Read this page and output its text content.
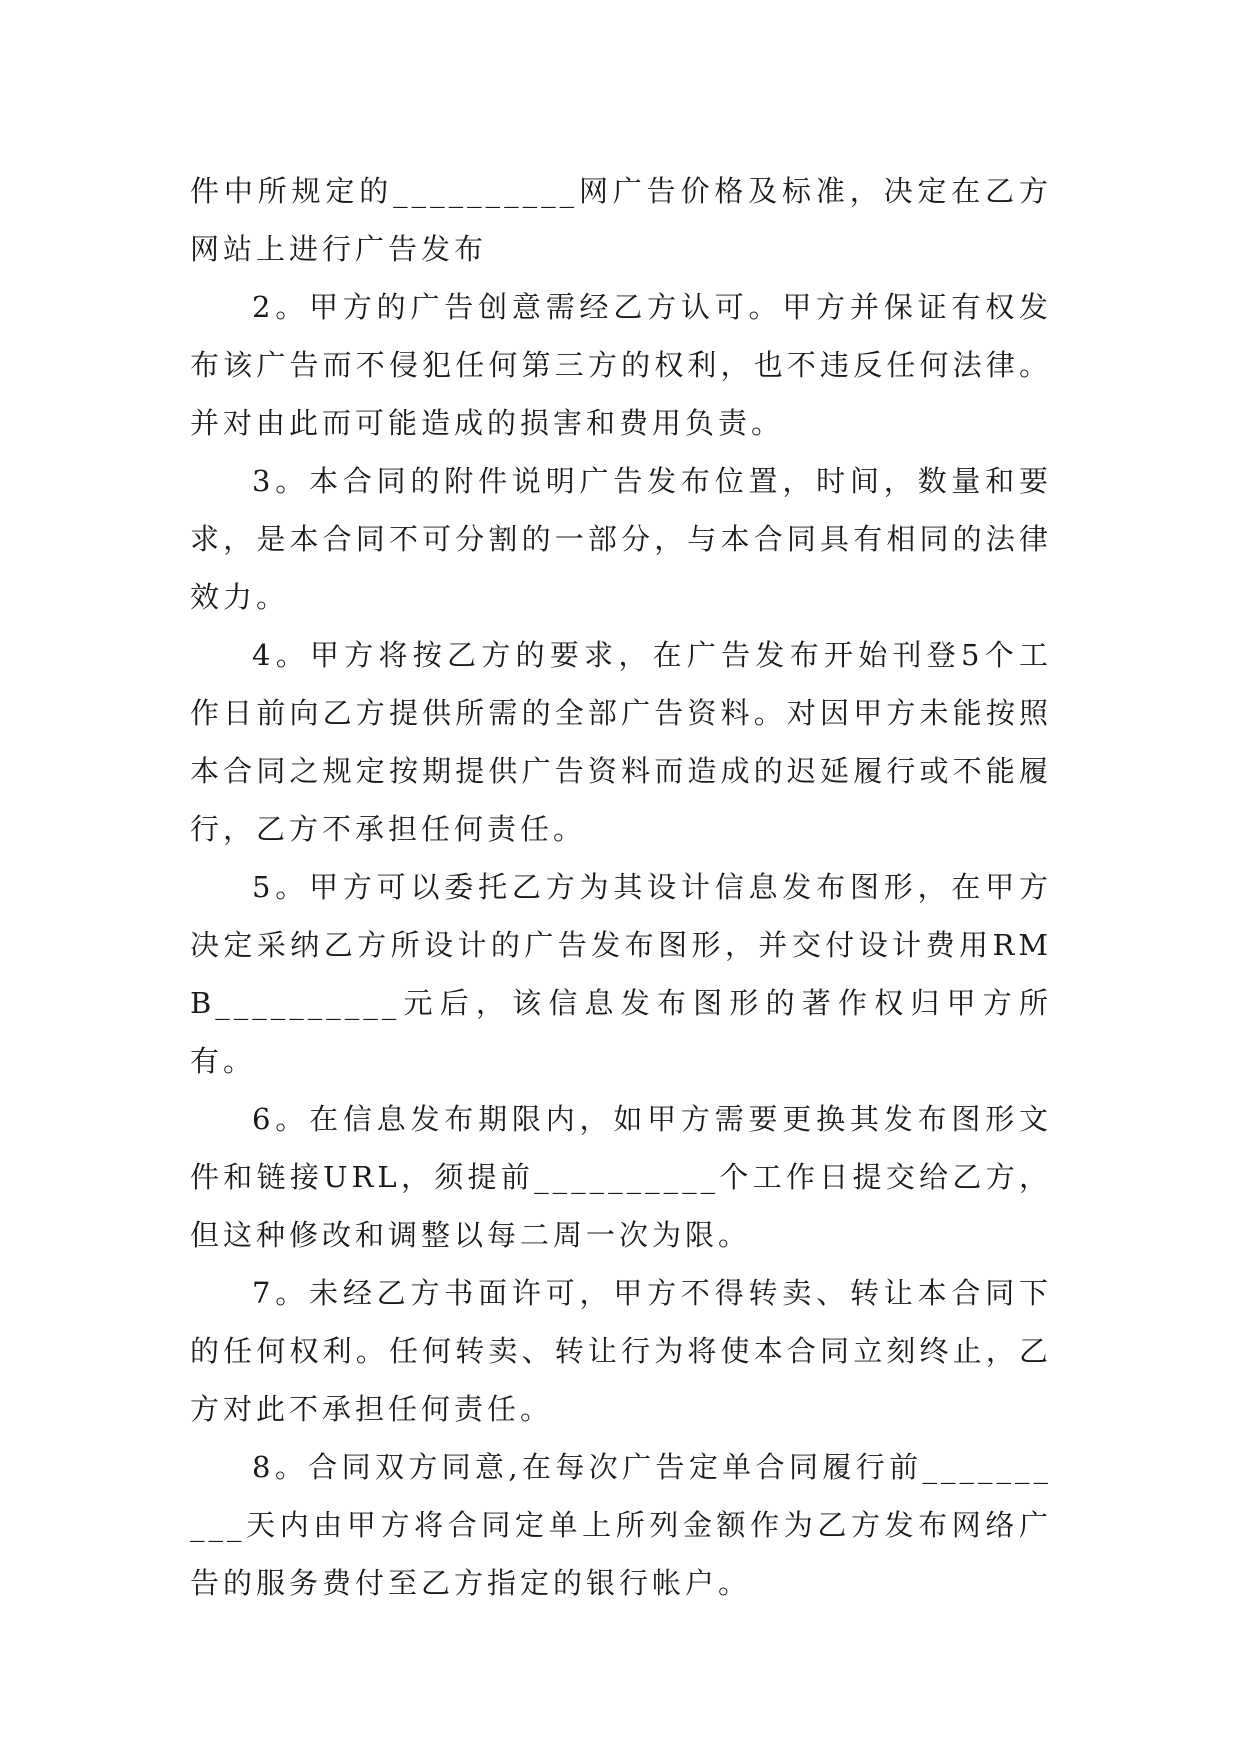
件中所规定的__________网广告价格及标准，决定在乙方网站上进行广告发布

2。甲方的广告创意需经乙方认可。甲方并保证有权发布该广告而不侵犯任何第三方的权利，也不违反任何法律。并对由此而可能造成的损害和费用负责。

3。本合同的附件说明广告发布位置，时间，数量和要求，是本合同不可分割的一部分，与本合同具有相同的法律效力。

4。甲方将按乙方的要求，在广告发布开始刊登5个工作日前向乙方提供所需的全部广告资料。对因甲方未能按照本合同之规定按期提供广告资料而造成的迟延履行或不能履行，乙方不承担任何责任。

5。甲方可以委托乙方为其设计信息发布图形，在甲方决定采纳乙方所设计的广告发布图形，并交付设计费用RMB__________元后，该信息发布图形的著作权归甲方所有。

6。在信息发布期限内，如甲方需要更换其发布图形文件和链接URL，须提前__________个工作日提交给乙方，但这种修改和调整以每二周一次为限。

7。未经乙方书面许可，甲方不得转卖、转让本合同下的任何权利。任何转卖、转让行为将使本合同立刻终止，乙方对此不承担任何责任。

8。合同双方同意,在每次广告定单合同履行前__________天内由甲方将合同定单上所列金额作为乙方发布网络广告的服务费付至乙方指定的银行帐户。
